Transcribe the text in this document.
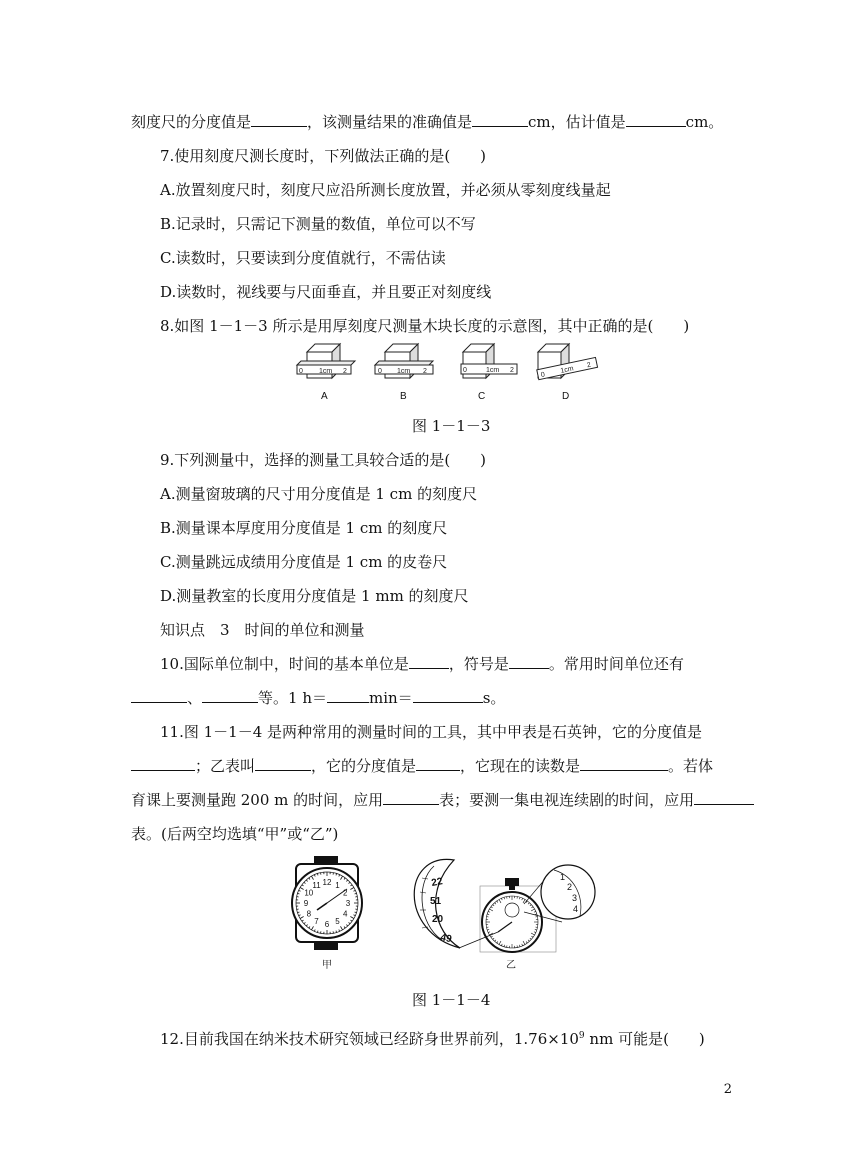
刻度尺的分度值是	，该测量结果的准确值是	cm，估计值是	cm。
7.使用刻度尺测长度时，下列做法正确的是(　　)
A.放置刻度尺时，刻度尺应沿所测长度放置，并必须从零刻度线量起
B.记录时，只需记下测量的数值，单位可以不写
C.读数时，只要读到分度值就行，不需估读
D.读数时，视线要与尺面垂直，并且要正对刻度线
8.如图 1－1－3 所示是用厚刻度尺测量木块长度的示意图，其中正确的是(　　)
0 1cm 2	0 1cm 2	0	1cm 2
0
1cm 2
A	B	C	D
图 1－1－3
9.下列测量中，选择的测量工具较合适的是(　　)
A.测量窗玻璃的尺寸用分度值是 1 cm 的刻度尺
B.测量课本厚度用分度值是 1 cm 的刻度尺
C.测量跳远成绩用分度值是 1 cm 的皮卷尺
D.测量教室的长度用分度值是 1 mm 的刻度尺
知识点　3　时间的单位和测量
10.国际单位制中，时间的基本单位是	，符号是	。常用时间单位还有
、	等。1 h＝	min＝	s。
11.图 1－1－4 是两种常用的测量时间的工具，其中甲表是石英钟，它的分度值是
；乙表叫	，它的分度值是	，它现在的读数是	。若体
育课上要测量跑 200 m 的时间，应用	表；要测一集电视连续剧的时间，应用
表。(后两空均选填“甲”或“乙”)
12 1
2
3
4
5
6
7
8
9
10
11
甲
22
51
20
49
1
2
3
4
乙
图 1－1－4
12.目前我国在纳米技术研究领域已经跻身世界前列，$1.76\times 10^9$ nm 可能是(　　)
2
